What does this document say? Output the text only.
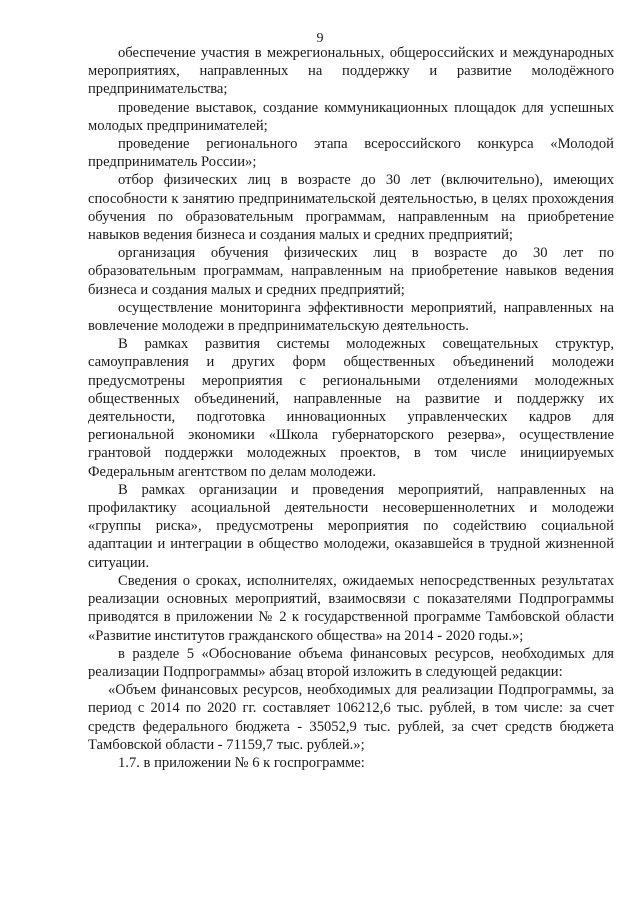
9

обеспечение участия в межрегиональных, общероссийских и международных мероприятиях, направленных на поддержку и развитие молодёжного предпринимательства;

проведение выставок, создание коммуникационных площадок для успешных молодых предпринимателей;

проведение регионального этапа всероссийского конкурса «Молодой предприниматель России»;

отбор физических лиц в возрасте до 30 лет (включительно), имеющих способности к занятию предпринимательской деятельностью, в целях прохождения обучения по образовательным программам, направленным на приобретение навыков ведения бизнеса и создания малых и средних предприятий;

организация обучения физических лиц в возрасте до 30 лет по образовательным программам, направленным на приобретение навыков ведения бизнеса и создания малых и средних предприятий;

осуществление мониторинга эффективности мероприятий, направленных на вовлечение молодежи в предпринимательскую деятельность.

В рамках развития системы молодежных совещательных структур, самоуправления и других форм общественных объединений молодежи предусмотрены мероприятия с региональными отделениями молодежных общественных объединений, направленные на развитие и поддержку их деятельности, подготовка инновационных управленческих кадров для региональной экономики «Школа губернаторского резерва», осуществление грантовой поддержки молодежных проектов, в том числе инициируемых Федеральным агентством по делам молодежи.

В рамках организации и проведения мероприятий, направленных на профилактику асоциальной деятельности несовершеннолетних и молодежи «группы риска», предусмотрены мероприятия по содействию социальной адаптации и интеграции в общество молодежи, оказавшейся в трудной жизненной ситуации.

Сведения о сроках, исполнителях, ожидаемых непосредственных результатах реализации основных мероприятий, взаимосвязи с показателями Подпрограммы приводятся в приложении № 2 к государственной программе Тамбовской области «Развитие институтов гражданского общества» на 2014 - 2020 годы.»;

в разделе 5 «Обоснование объема финансовых ресурсов, необходимых для реализации Подпрограммы» абзац второй изложить в следующей редакции:

«Объем финансовых ресурсов, необходимых для реализации Подпрограммы, за период с 2014 по 2020 гг. составляет 106212,6 тыс. рублей, в том числе: за счет средств федерального бюджета - 35052,9 тыс. рублей, за счет средств бюджета Тамбовской области - 71159,7 тыс. рублей.»;

1.7. в приложении № 6 к госпрограмме:
